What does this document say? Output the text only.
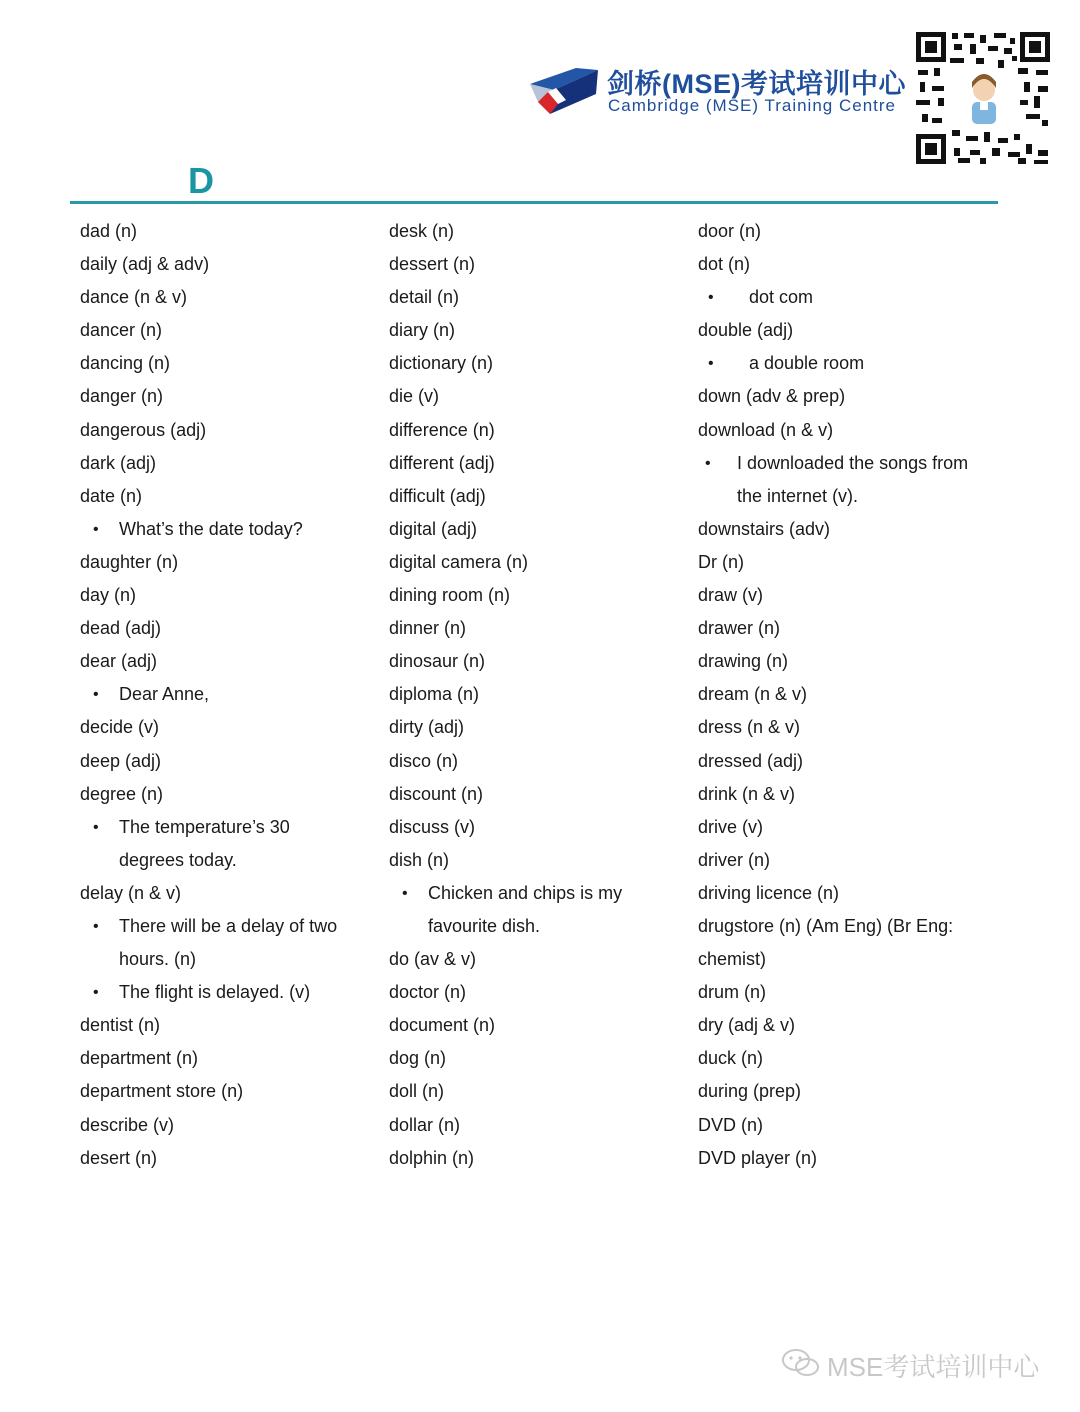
剑桥(MSE)考试培训中心
Cambridge (MSE) Training Centre
D
dad (n)
daily (adj & adv)
dance (n & v)
dancer (n)
dancing (n)
danger (n)
dangerous (adj)
dark (adj)
date (n)
• What’s the date today?
daughter (n)
day (n)
dead (adj)
dear (adj)
• Dear Anne,
decide (v)
deep (adj)
degree (n)
• The temperature’s 30
degrees today.
delay (n & v)
• There will be a delay of two
hours. (n)
• The flight is delayed. (v)
dentist (n)
department (n)
department store (n)
describe (v)
desert (n)
desk (n)
dessert (n)
detail (n)
diary (n)
dictionary (n)
die (v)
difference (n)
different (adj)
difficult (adj)
digital (adj)
digital camera (n)
dining room (n)
dinner (n)
dinosaur (n)
diploma (n)
dirty (adj)
disco (n)
discount (n)
discuss (v)
dish (n)
• Chicken and chips is my
favourite dish.
do (av & v)
doctor (n)
document (n)
dog (n)
doll (n)
dollar (n)
dolphin (n)
door (n)
dot (n)
• dot com
double (adj)
• a double room
down (adv & prep)
download (n & v)
• I downloaded the songs from
the internet (v).
downstairs (adv)
Dr (n)
draw (v)
drawer (n)
drawing (n)
dream (n & v)
dress (n & v)
dressed (adj)
drink (n & v)
drive (v)
driver (n)
driving licence (n)
drugstore (n) (Am Eng) (Br Eng:
chemist)
drum (n)
dry (adj & v)
duck (n)
during (prep)
DVD (n)
DVD player (n)
MSE考试培训中心
